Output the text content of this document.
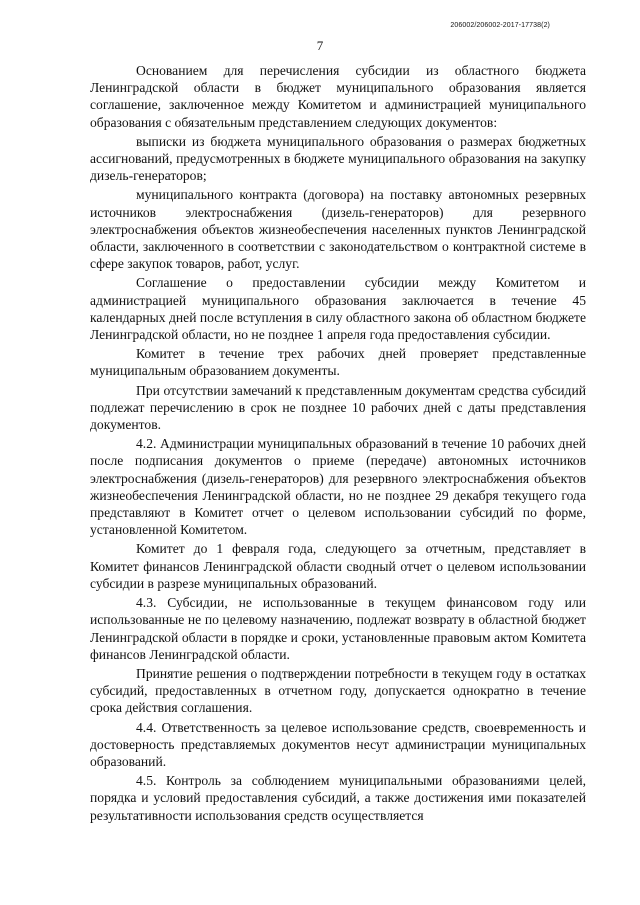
206002/206002-2017-17738(2)
7

Основанием для перечисления субсидии из областного бюджета Ленинградской области в бюджет муниципального образования является соглашение, заключенное между Комитетом и администрацией муниципального образования с обязательным представлением следующих документов:

выписки из бюджета муниципального образования о размерах бюджетных ассигнований, предусмотренных в бюджете муниципального образования на закупку дизель-генераторов;

муниципального контракта (договора) на поставку автономных резервных источников электроснабжения (дизель-генераторов) для резервного электроснабжения объектов жизнеобеспечения населенных пунктов Ленинградской области, заключенного в соответствии с законодательством о контрактной системе в сфере закупок товаров, работ, услуг.

Соглашение о предоставлении субсидии между Комитетом и администрацией муниципального образования заключается в течение 45 календарных дней после вступления в силу областного закона об областном бюджете Ленинградской области, но не позднее 1 апреля года предоставления субсидии.

Комитет в течение трех рабочих дней проверяет представленные муниципальным образованием документы.

При отсутствии замечаний к представленным документам средства субсидий подлежат перечислению в срок не позднее 10 рабочих дней с даты представления документов.

4.2. Администрации муниципальных образований в течение 10 рабочих дней после подписания документов о приеме (передаче) автономных источников электроснабжения (дизель-генераторов) для резервного электроснабжения объектов жизнеобеспечения Ленинградской области, но не позднее 29 декабря текущего года представляют в Комитет отчет о целевом использовании субсидий по форме, установленной Комитетом.

Комитет до 1 февраля года, следующего за отчетным, представляет в Комитет финансов Ленинградской области сводный отчет о целевом использовании субсидии в разрезе муниципальных образований.

4.3. Субсидии, не использованные в текущем финансовом году или использованные не по целевому назначению, подлежат возврату в областной бюджет Ленинградской области в порядке и сроки, установленные правовым актом Комитета финансов Ленинградской области.

Принятие решения о подтверждении потребности в текущем году в остатках субсидий, предоставленных в отчетном году, допускается однократно в течение срока действия соглашения.

4.4. Ответственность за целевое использование средств, своевременность и достоверность представляемых документов несут администрации муниципальных образований.

4.5. Контроль за соблюдением муниципальными образованиями целей, порядка и условий предоставления субсидий, а также достижения ими показателей результативности использования средств осуществляется
